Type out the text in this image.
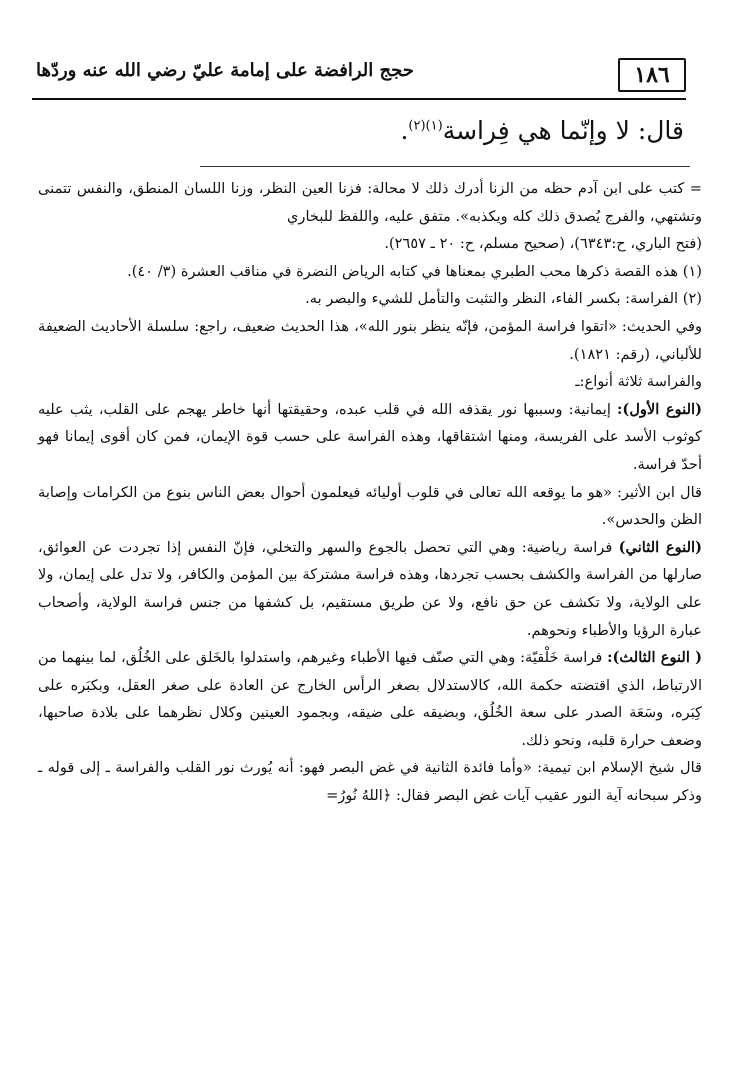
١٨٦
حجج الرافضة على إمامة عليّ رضي الله عنه وردّها
قال: لا وإنّما هي فِراسة$^{(١)(٢)}$.

= كتب على ابن آدم حظه من الزنا أدرك ذلك لا محالة: فزنا العين النظر، وزنا اللسان المنطق، والنفس تتمنى وتشتهي، والفرج يُصدق ذلك كله ويكذبه». متفق عليه، واللفظ للبخاري

(فتح الباري، ح:٦٣٤٣)، (صحيح مسلم، ح: ٢٠ ـ ٢٦٥٧).

(١) هذه القصة ذكرها محب الطبري بمعناها في كتابه الرياض النضرة في مناقب العشرة (٣/ ٤٠).

(٢) الفراسة: بكسر الفاء، النظر والتثبت والتأمل للشيء والبصر به.

وفي الحديث: «اتقوا فراسة المؤمن، فإنّه ينظر بنور الله»، هذا الحديث ضعيف، راجع: سلسلة الأحاديث الضعيفة للألباني، (رقم: ١٨٢١).

والفراسة ثلاثة أنواع:ـ

(النوع الأول): إيمانية: وسببها نور يقذفه الله في قلب عبده، وحقيقتها أنها خاطر يهجم على القلب، يثب عليه كوثوب الأسد على الفريسة، ومنها اشتقاقها، وهذه الفراسة على حسب قوة الإيمان، فمن كان أقوى إيمانا فهو أحدّ فراسة.

قال ابن الأثير: «هو ما يوقعه الله تعالى في قلوب أوليائه فيعلمون أحوال بعض الناس بنوع من الكرامات وإصابة الظن والحدس».

(النوع الثاني) فراسة رياضية: وهي التي تحصل بالجوع والسهر والتخلي، فإنّ النفس إذا تجردت عن العوائق، صارلها من الفراسة والكشف بحسب تجردها، وهذه فراسة مشتركة بين المؤمن والكافر، ولا تدل على إيمان، ولا على الولاية، ولا تكشف عن حق نافع، ولا عن طريق مستقيم، بل كشفها من جنس فراسة الولاية، وأصحاب عبارة الرؤيا والأطباء ونحوهم.

( النوع الثالث): فراسة خَلْقيّة: وهي التي صنّف فيها الأطباء وغيرهم، واستدلوا بالخَلق على الخُلُق، لما بينهما من الارتباط، الذي اقتضته حكمة الله، كالاستدلال بصغر الرأس الخارج عن العادة على صغر العقل، وبكبَره على كِبَره، وسَعَة الصدر على سعة الخُلُق، وبضيقه على ضيقه، وبجمود العينين وكلال نظرهما على بلادة صاحبها، وضعف حرارة قلبه، ونحو ذلك.

قال شيخ الإسلام ابن تيمية: «وأما فائدة الثانية في غض البصر فهو: أنه يُورث نور القلب والفراسة ـ إلى قوله ـ وذكر سبحانه آية النور عقيب آيات غض البصر فقال: ﴿اللهُ نُورُ=
